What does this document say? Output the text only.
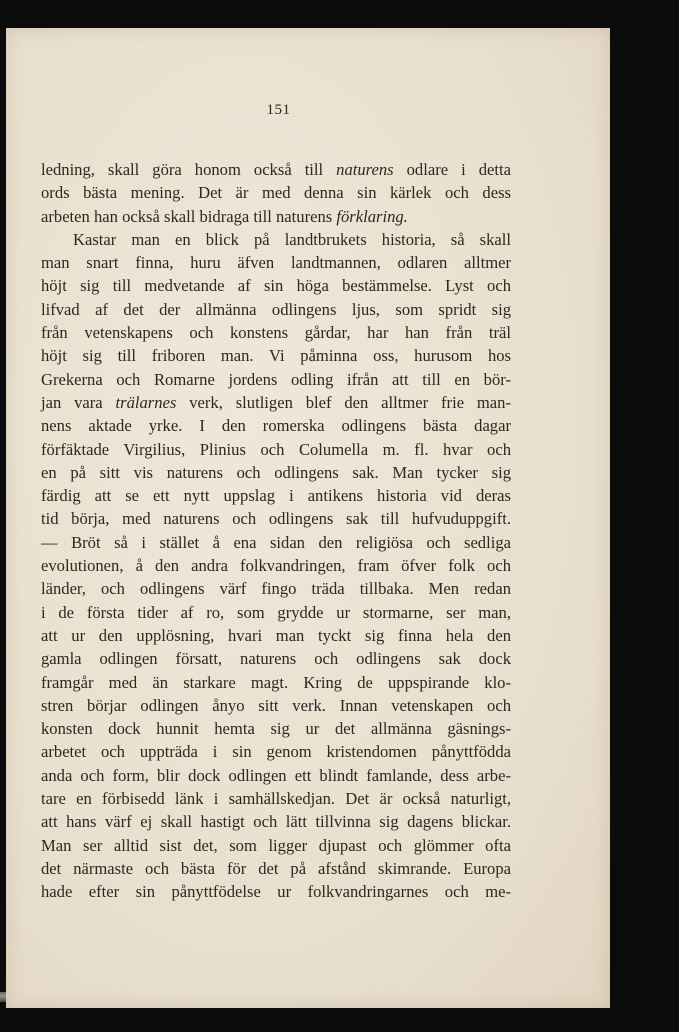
151
ledning, skall göra honom också till naturens odlare i detta
ords bästa mening. Det är med denna sin kärlek och dess
arbeten han också skall bidraga till naturens förklaring.
Kastar man en blick på landtbrukets historia, så skall
man snart finna, huru äfven landtmannen, odlaren alltmer
höjt sig till medvetande af sin höga bestämmelse. Lyst och
lifvad af det der allmänna odlingens ljus, som spridt sig
från vetenskapens och konstens gårdar, har han från träl
höjt sig till friboren man. Vi påminna oss, hurusom hos
Grekerna och Romarne jordens odling ifrån att till en bör-
jan vara trälarnes verk, slutligen blef den alltmer frie man-
nens aktade yrke. I den romerska odlingens bästa dagar
förfäktade Virgilius, Plinius och Columella m. fl. hvar och
en på sitt vis naturens och odlingens sak. Man tycker sig
färdig att se ett nytt uppslag i antikens historia vid deras
tid börja, med naturens och odlingens sak till hufvuduppgift.
— Bröt så i stället å ena sidan den religiösa och sedliga
evolutionen, å den andra folkvandringen, fram öfver folk och
länder, och odlingens värf fingo träda tillbaka. Men redan
i de första tider af ro, som grydde ur stormarne, ser man,
att ur den upplösning, hvari man tyckt sig finna hela den
gamla odlingen försatt, naturens och odlingens sak dock
framgår med än starkare magt. Kring de uppspirande klo-
stren börjar odlingen ånyo sitt verk. Innan vetenskapen och
konsten dock hunnit hemta sig ur det allmänna gäsnings-
arbetet och uppträda i sin genom kristendomen pånyttfödda
anda och form, blir dock odlingen ett blindt famlande, dess arbe-
tare en förbisedd länk i samhällskedjan. Det är också naturligt,
att hans värf ej skall hastigt och lätt tillvinna sig dagens blickar.
Man ser alltid sist det, som ligger djupast och glömmer ofta
det närmaste och bästa för det på afstånd skimrande. Europa
hade efter sin pånyttfödelse ur folkvandringarnes och me-
